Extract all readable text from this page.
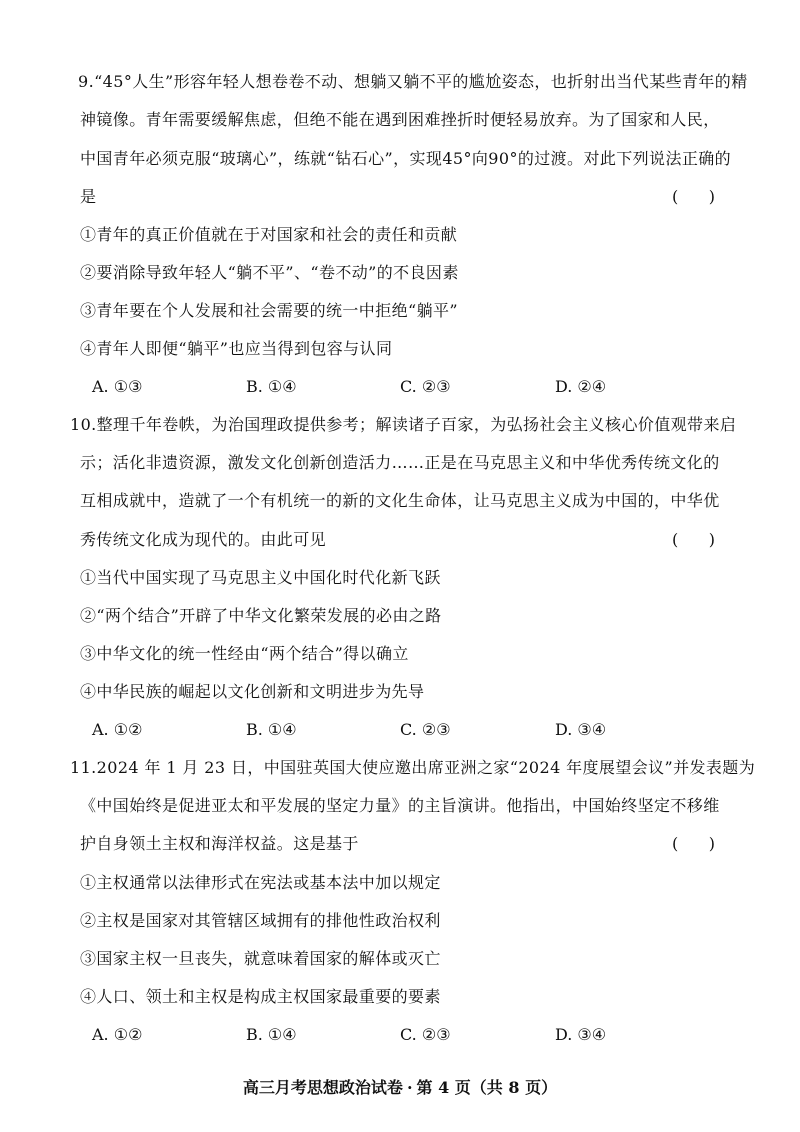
9.“45°人生”形容年轻人想卷卷不动、想躺又躺不平的尴尬姿态，也折射出当代某些青年的精
神镜像。青年需要缓解焦虑，但绝不能在遇到困难挫折时便轻易放弃。为了国家和人民，
中国青年必须克服“玻璃心”，练就“钻石心”，实现45°向90°的过渡。对此下列说法正确的
是	(      )
①青年的真正价值就在于对国家和社会的责任和贡献
②要消除导致年轻人“躺不平”、“卷不动”的不良因素
③青年要在个人发展和社会需要的统一中拒绝“躺平”
④青年人即便“躺平”也应当得到包容与认同
A. ①③	B. ①④	C. ②③	D. ②④
10.整理千年卷帙，为治国理政提供参考；解读诸子百家，为弘扬社会主义核心价值观带来启
示；活化非遗资源，激发文化创新创造活力……正是在马克思主义和中华优秀传统文化的
互相成就中，造就了一个有机统一的新的文化生命体，让马克思主义成为中国的，中华优
秀传统文化成为现代的。由此可见	(      )
①当代中国实现了马克思主义中国化时代化新飞跃
②“两个结合”开辟了中华文化繁荣发展的必由之路
③中华文化的统一性经由“两个结合”得以确立
④中华民族的崛起以文化创新和文明进步为先导
A. ①②	B. ①④	C. ②③	D. ③④
11.2024 年 1 月 23 日，中国驻英国大使应邀出席亚洲之家“2024 年度展望会议”并发表题为
《中国始终是促进亚太和平发展的坚定力量》的主旨演讲。他指出，中国始终坚定不移维
护自身领土主权和海洋权益。这是基于	(      )
①主权通常以法律形式在宪法或基本法中加以规定
②主权是国家对其管辖区域拥有的排他性政治权利
③国家主权一旦丧失，就意味着国家的解体或灭亡
④人口、领土和主权是构成主权国家最重要的要素
A. ①②	B. ①④	C. ②③	D. ③④
高三月考思想政治试卷 · 第 4 页（共 8 页）
